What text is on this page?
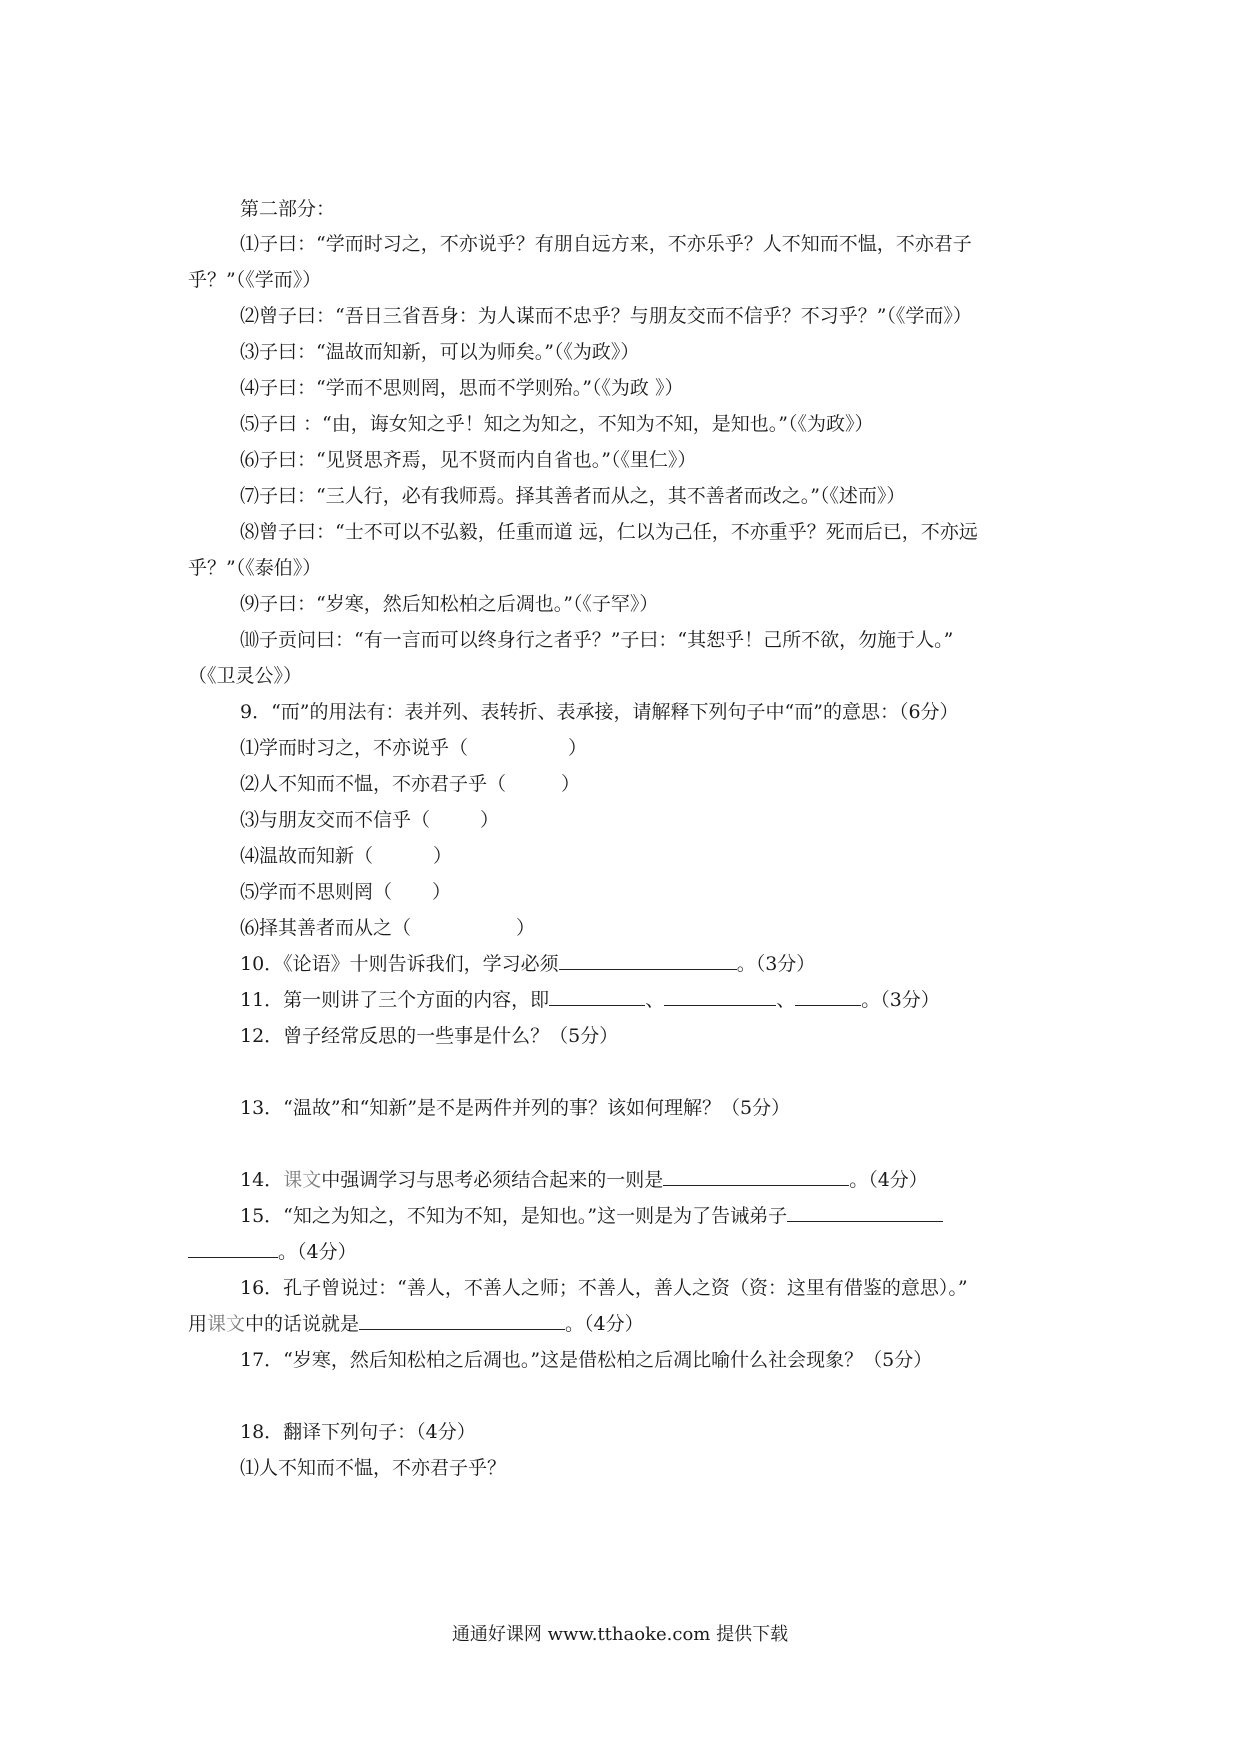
第二部分：
⑴子曰：“学而时习之，不亦说乎？有朋自远方来，不亦乐乎？人不知而不愠，不亦君子
乎？”（《学而》）
⑵曾子曰：“吾日三省吾身：为人谋而不忠乎？与朋友交而不信乎？不习乎？”（《学而》）
⑶子曰：“温故而知新，可以为师矣。”（《为政》）
⑷子曰：“学而不思则罔，思而不学则殆。”（《为政 》）
⑸子曰 ：“由，诲女知之乎！知之为知之，不知为不知，是知也。”（《为政》）
⑹子曰：“见贤思齐焉，见不贤而内自省也。”（《里仁》）
⑺子曰：“三人行，必有我师焉。择其善者而从之，其不善者而改之。”（《述而》）
⑻曾子曰：“士不可以不弘毅，任重而道 远，仁以为己任，不亦重乎？死而后已，不亦远
乎？”（《泰伯》）
⑼子曰：“岁寒，然后知松柏之后凋也。”（《子罕》）
⑽子贡问曰：“有一言而可以终身行之者乎？”子曰：“其恕乎！己所不欲，勿施于人。”
（《卫灵公》）
9．“而”的用法有：表并列、表转折、表承接，请解释下列句子中“而”的意思：（6分）
⑴学而时习之，不亦说乎（	）
⑵人不知而不愠，不亦君子乎（	）
⑶与朋友交而不信乎（	）
⑷温故而知新（	）
⑸学而不思则罔（ ）
⑹择其善者而从之（	）
10．《论语》十则告诉我们，学习必须	。（3分）
11．第一则讲了三个方面的内容，即	、	、	。（3分）
12．曾子经常反思的一些事是什么？（5分）
13．“温故”和“知新”是不是两件并列的事？该如何理解？（5分）
14．课文中强调学习与思考必须结合起来的一则是	。（4分）
15．“知之为知之，不知为不知，是知也。”这一则是为了告诫弟子
。（4分）
16．孔子曾说过：“善人，不善人之师；不善人，善人之资（资：这里有借鉴的意思）。”
用课文中的话说就是	。（4分）
17．“岁寒，然后知松柏之后凋也。”这是借松柏之后凋比喻什么社会现象？（5分）
18．翻译下列句子：（4分）
⑴人不知而不愠，不亦君子乎？
通通好课网 www.tthaoke.com 提供下载
